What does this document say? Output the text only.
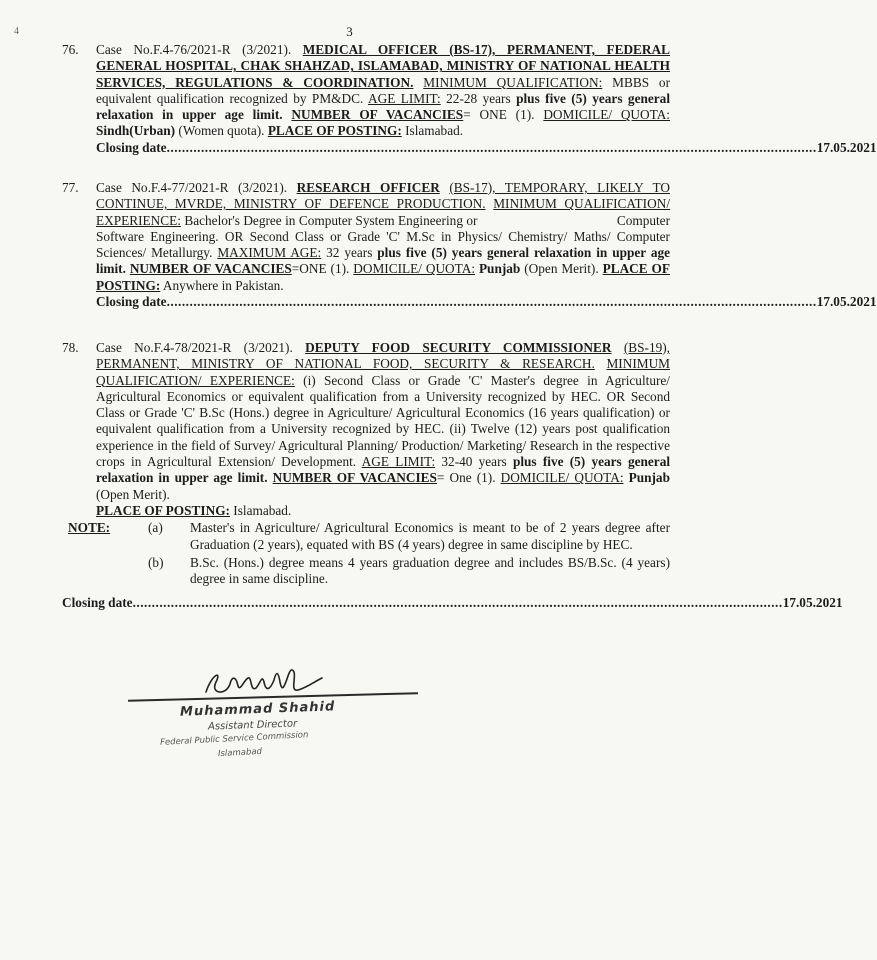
4	3
76. Case No.F.4-76/2021-R (3/2021). MEDICAL OFFICER (BS-17), PERMANENT, FEDERAL GENERAL HOSPITAL, CHAK SHAHZAD, ISLAMABAD, MINISTRY OF NATIONAL HEALTH SERVICES, REGULATIONS & COORDINATION. MINIMUM QUALIFICATION: MBBS or equivalent qualification recognized by PM&DC. AGE LIMIT: 22-28 years plus five (5) years general relaxation in upper age limit. NUMBER OF VACANCIES= ONE (1). DOMICILE/ QUOTA: Sindh(Urban) (Women quota). PLACE OF POSTING: Islamabad.
Closing date .......................................................................................................................................................................... 17.05.2021
77. Case No.F.4-77/2021-R (3/2021). RESEARCH OFFICER (BS-17), TEMPORARY, LIKELY TO CONTINUE, MVRDE, MINISTRY OF DEFENCE PRODUCTION. MINIMUM QUALIFICATION/ EXPERIENCE: Bachelor's Degree in Computer System Engineering or	Computer Software Engineering. OR Second Class or Grade 'C' M.Sc in Physics/ Chemistry/ Maths/ Computer Sciences/ Metallurgy. MAXIMUM AGE: 32 years plus five (5) years general relaxation in upper age limit. NUMBER OF VACANCIES=ONE (1). DOMICILE/ QUOTA: Punjab (Open Merit). PLACE OF POSTING: Anywhere in Pakistan.
Closing date .......................................................................................................................................................................... 17.05.2021
78. Case No.F.4-78/2021-R (3/2021). DEPUTY FOOD SECURITY COMMISSIONER (BS-19), PERMANENT, MINISTRY OF NATIONAL FOOD, SECURITY & RESEARCH. MINIMUM QUALIFICATION/ EXPERIENCE: (i) Second Class or Grade 'C' Master's degree in Agriculture/ Agricultural Economics or equivalent qualification from a University recognized by HEC. OR Second Class or Grade 'C' B.Sc (Hons.) degree in Agriculture/ Agricultural Economics (16 years qualification) or equivalent qualification from a University recognized by HEC. (ii) Twelve (12) years post qualification experience in the field of Survey/ Agricultural Planning/ Production/ Marketing/ Research in the respective crops in Agricultural Extension/ Development. AGE LIMIT: 32-40 years plus five (5) years general relaxation in upper age limit. NUMBER OF VACANCIES= One (1). DOMICILE/ QUOTA: Punjab (Open Merit).
PLACE OF POSTING: Islamabad.
NOTE:	(a) Master's in Agriculture/ Agricultural Economics is meant to be of 2 years degree after Graduation (2 years), equated with BS (4 years) degree in same discipline by HEC.
(b) B.Sc. (Hons.) degree means 4 years graduation degree and includes BS/B.Sc. (4 years) degree in same discipline.
Closing date .......................................................................................................................................................................... 17.05.2021
Muhammad Shahid
Assistant Director
Federal Public Service Commission
Islamabad
